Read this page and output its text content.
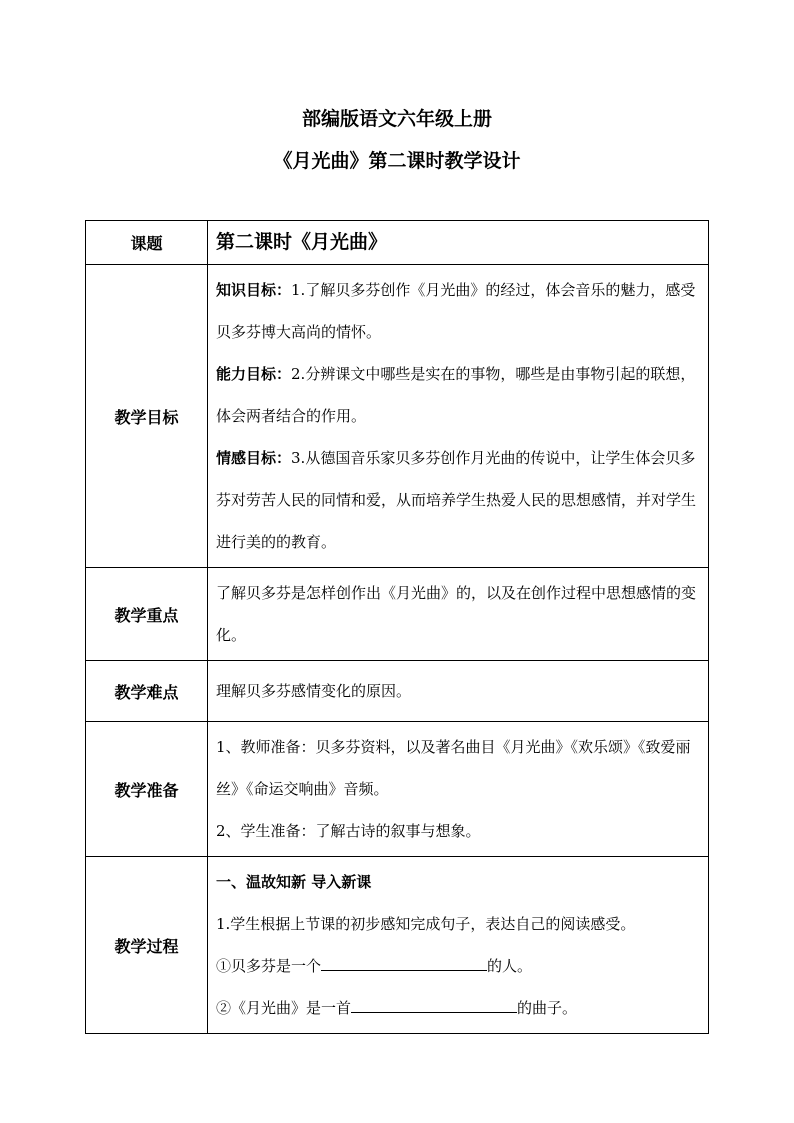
部编版语文六年级上册
《月光曲》第二课时教学设计
课题	第二课时《月光曲》
教学目标	知识目标：1.了解贝多芬创作《月光曲》的经过，体会音乐的魅力，感受贝多芬博大高尚的情怀。

能力目标：2.分辨课文中哪些是实在的事物，哪些是由事物引起的联想，体会两者结合的作用。

情感目标：3.从德国音乐家贝多芬创作月光曲的传说中，让学生体会贝多芬对劳苦人民的同情和爱，从而培养学生热爱人民的思想感情，并对学生进行美的的教育。

教学重点	了解贝多芬是怎样创作出《月光曲》的，以及在创作过程中思想感情的变化。

教学难点	理解贝多芬感情变化的原因。

教学准备	1、教师准备：贝多芬资料，以及著名曲目《月光曲》《欢乐颂》《致爱丽丝》《命运交响曲》音频。

2、学生准备：了解古诗的叙事与想象。

教学过程	一、温故知新 导入新课

1.学生根据上节课的初步感知完成句子，表达自己的阅读感受。

①贝多芬是一个 的人。

②《月光曲》是一首 的曲子。
